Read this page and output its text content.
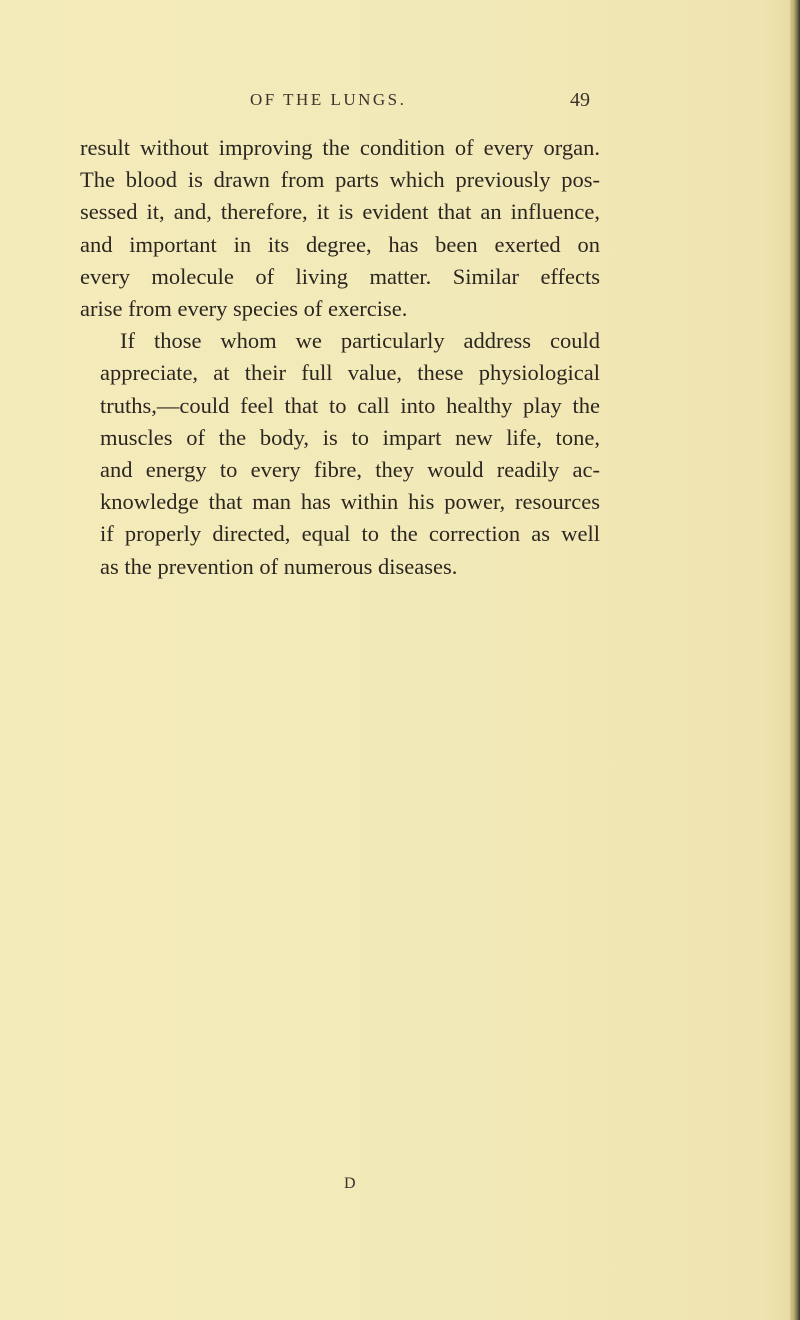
OF THE LUNGS.	49

result without improving the condition of every organ.
The blood is drawn from parts which previously pos-
sessed it, and, therefore, it is evident that an influence,
and important in its degree, has been exerted on
every molecule of living matter. Similar effects
arise from every species of exercise.

If those whom we particularly address could
appreciate, at their full value, these physiological
truths,—could feel that to call into healthy play the
muscles of the body, is to impart new life, tone,
and energy to every fibre, they would readily ac-
knowledge that man has within his power, resources
if properly directed, equal to the correction as well
as the prevention of numerous diseases.

D
